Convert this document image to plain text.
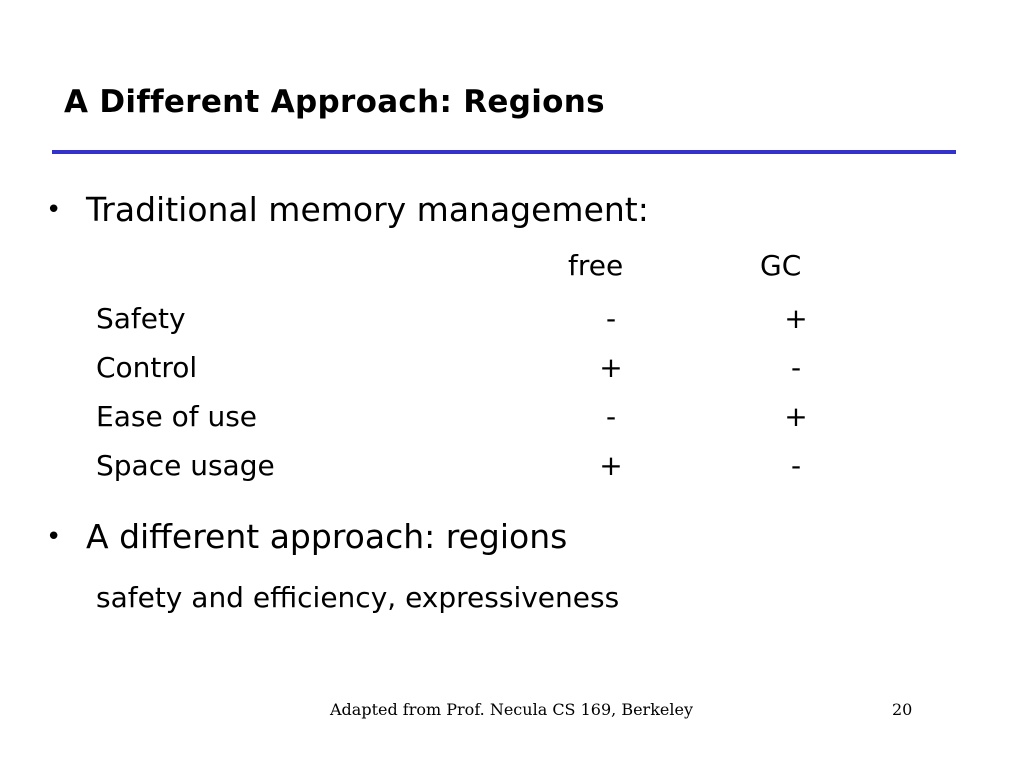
A Different Approach: Regions
• Traditional memory management:
free	GC
Safety	-	+
Control	+	-
Ease of use	-	+
Space usage	+	-
• A different approach: regions
safety and efficiency, expressiveness
Adapted from Prof. Necula CS 169, Berkeley	20
